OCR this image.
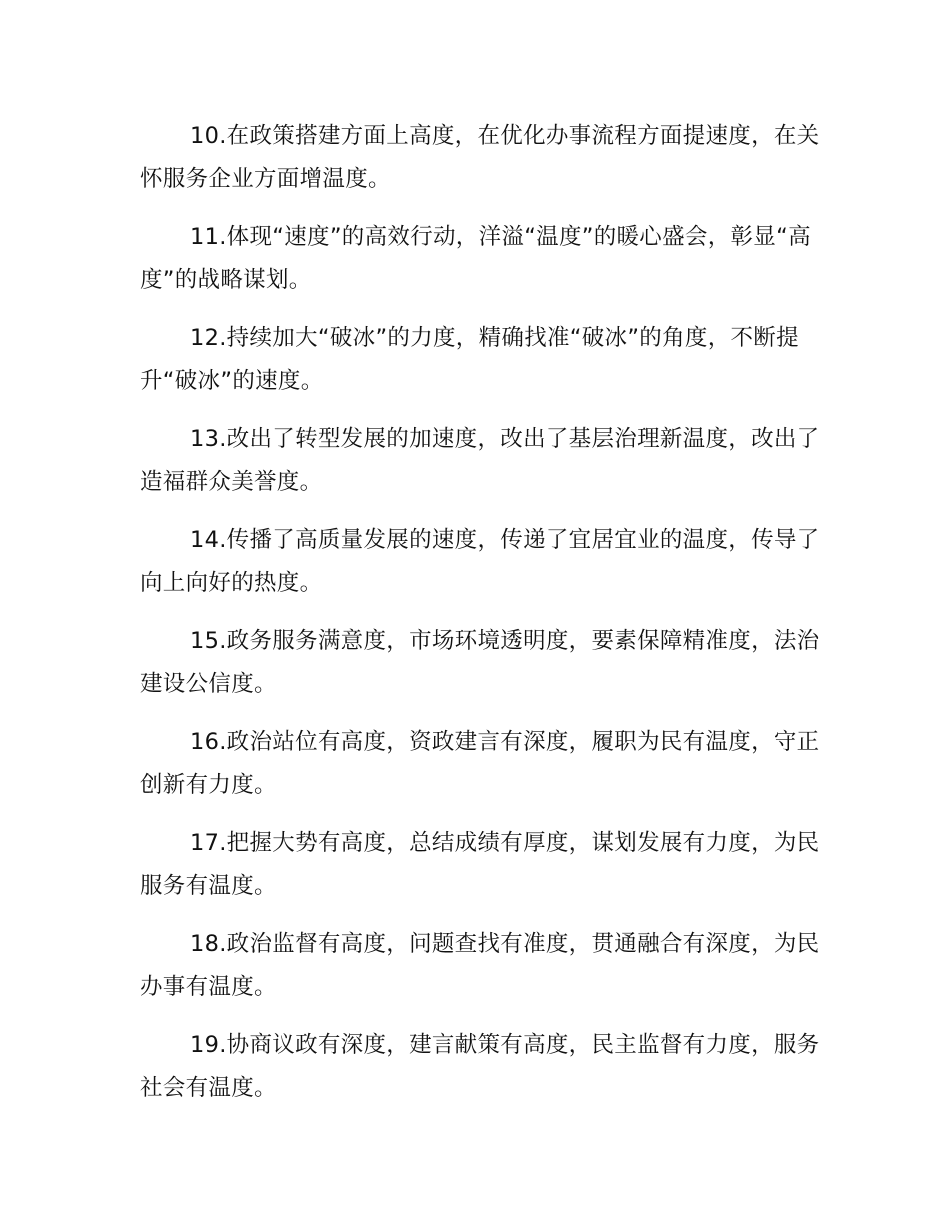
10.在政策搭建方面上高度，在优化办事流程方面提速度，在关怀服务企业方面增温度。

11.体现“速度”的高效行动，洋溢“温度”的暖心盛会，彰显“高度”的战略谋划。

12.持续加大“破冰”的力度，精确找准“破冰”的角度，不断提升“破冰”的速度。

13.改出了转型发展的加速度，改出了基层治理新温度，改出了造福群众美誉度。

14.传播了高质量发展的速度，传递了宜居宜业的温度，传导了向上向好的热度。

15.政务服务满意度，市场环境透明度，要素保障精准度，法治建设公信度。

16.政治站位有高度，资政建言有深度，履职为民有温度，守正创新有力度。

17.把握大势有高度，总结成绩有厚度，谋划发展有力度，为民服务有温度。

18.政治监督有高度，问题查找有准度，贯通融合有深度，为民办事有温度。

19.协商议政有深度，建言献策有高度，民主监督有力度，服务社会有温度。
